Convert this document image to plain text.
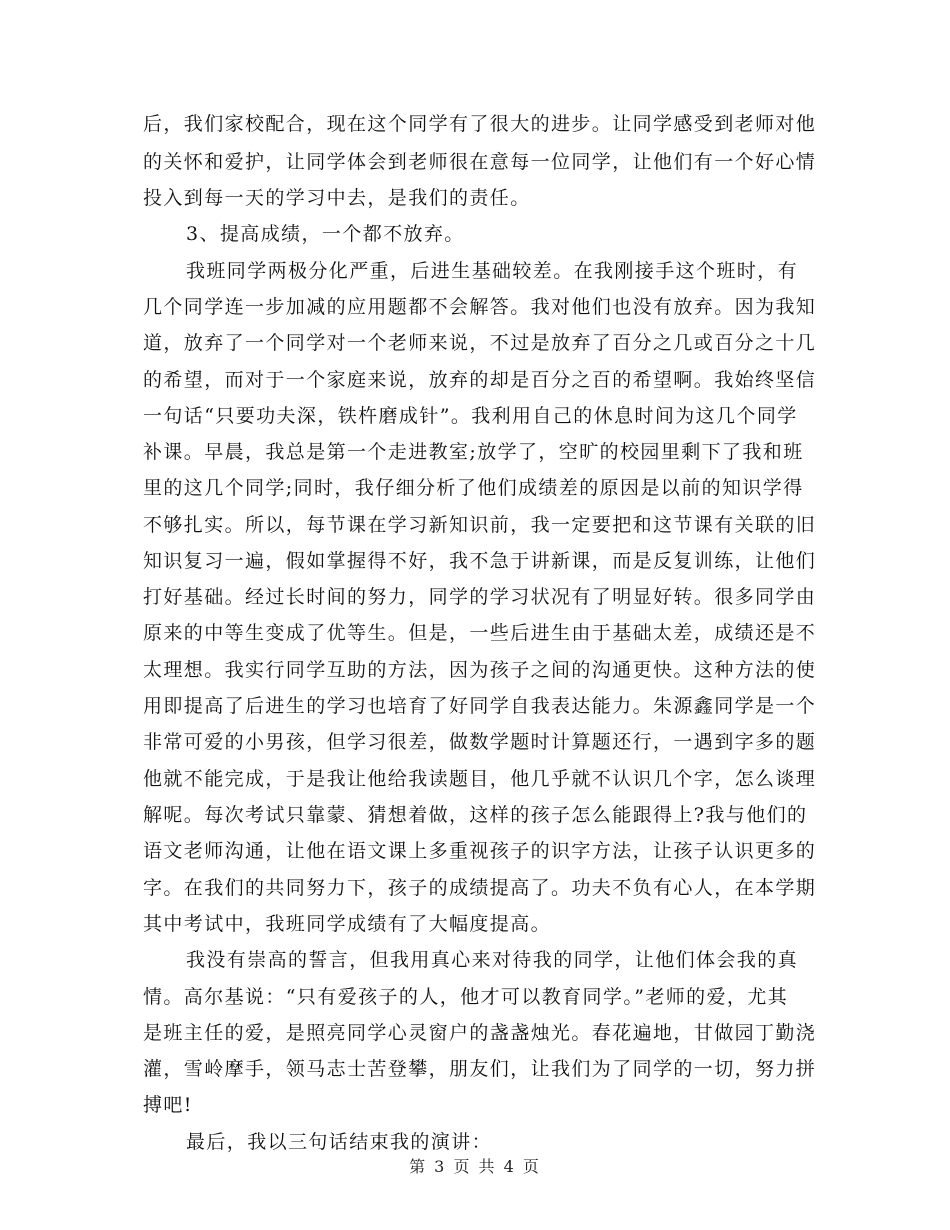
后，我们家校配合，现在这个同学有了很大的进步。让同学感受到老师对他
的关怀和爱护，让同学体会到老师很在意每一位同学，让他们有一个好心情
投入到每一天的学习中去，是我们的责任。
3、提高成绩，一个都不放弃。
我班同学两极分化严重，后进生基础较差。在我刚接手这个班时，有
几个同学连一步加减的应用题都不会解答。我对他们也没有放弃。因为我知
道，放弃了一个同学对一个老师来说，不过是放弃了百分之几或百分之十几
的希望，而对于一个家庭来说，放弃的却是百分之百的希望啊。我始终坚信
一句话“只要功夫深，铁杵磨成针”。我利用自己的休息时间为这几个同学
补课。早晨，我总是第一个走进教室;放学了，空旷的校园里剩下了我和班
里的这几个同学;同时，我仔细分析了他们成绩差的原因是以前的知识学得
不够扎实。所以，每节课在学习新知识前，我一定要把和这节课有关联的旧
知识复习一遍，假如掌握得不好，我不急于讲新课，而是反复训练，让他们
打好基础。经过长时间的努力，同学的学习状况有了明显好转。很多同学由
原来的中等生变成了优等生。但是，一些后进生由于基础太差，成绩还是不
太理想。我实行同学互助的方法，因为孩子之间的沟通更快。这种方法的使
用即提高了后进生的学习也培育了好同学自我表达能力。朱源鑫同学是一个
非常可爱的小男孩，但学习很差，做数学题时计算题还行，一遇到字多的题
他就不能完成，于是我让他给我读题目，他几乎就不认识几个字，怎么谈理
解呢。每次考试只靠蒙、猜想着做，这样的孩子怎么能跟得上?我与他们的
语文老师沟通，让他在语文课上多重视孩子的识字方法，让孩子认识更多的
字。在我们的共同努力下，孩子的成绩提高了。功夫不负有心人，在本学期
其中考试中，我班同学成绩有了大幅度提高。
我没有崇高的誓言，但我用真心来对待我的同学，让他们体会我的真
情。高尔基说：“只有爱孩子的人，他才可以教育同学。”老师的爱，尤其
是班主任的爱，是照亮同学心灵窗户的盏盏烛光。春花遍地，甘做园丁勤浇
灌，雪岭摩手，领马志士苦登攀，朋友们，让我们为了同学的一切，努力拼
搏吧!
最后，我以三句话结束我的演讲：
第 3 页 共 4 页
